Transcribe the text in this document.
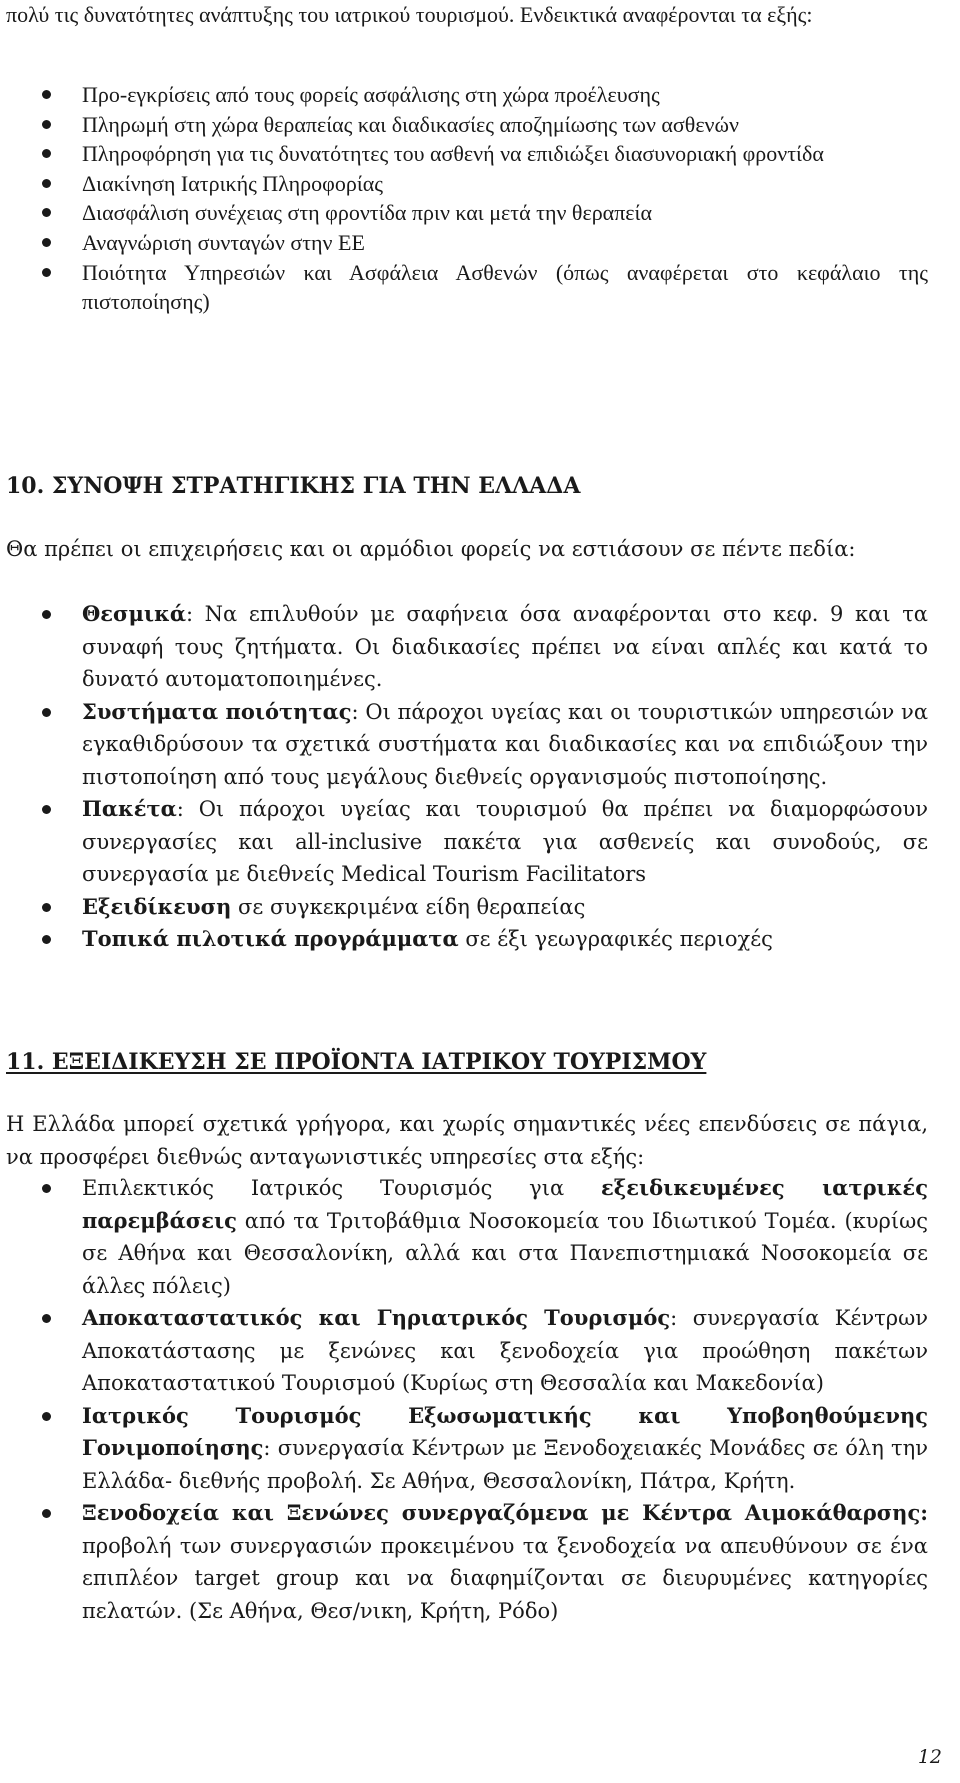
πολύ τις δυνατότητες ανάπτυξης του ιατρικού τουρισμού. Ενδεικτικά αναφέρονται τα εξής:

Προ-εγκρίσεις από τους φορείς ασφάλισης στη χώρα προέλευσης
Πληρωμή στη χώρα θεραπείας και διαδικασίες αποζημίωσης των ασθενών
Πληροφόρηση για τις δυνατότητες του ασθενή να επιδιώξει διασυνοριακή φροντίδα
Διακίνηση Ιατρικής Πληροφορίας
Διασφάλιση συνέχειας στη φροντίδα πριν και μετά την θεραπεία
Αναγνώριση συνταγών στην ΕΕ
Ποιότητα Υπηρεσιών και Ασφάλεια Ασθενών (όπως αναφέρεται στο κεφάλαιο της πιστοποίησης)
10. ΣΥΝΟΨΗ ΣΤΡΑΤΗΓΙΚΗΣ ΓΙΑ ΤΗΝ ΕΛΛΑΔΑ

Θα πρέπει οι επιχειρήσεις και οι αρμόδιοι φορείς να εστιάσουν σε πέντε πεδία:

Θεσμικά: Να επιλυθούν με σαφήνεια όσα αναφέρονται στο κεφ. 9 και τα συναφή τους ζητήματα. Οι διαδικασίες πρέπει να είναι απλές και κατά το δυνατό αυτοματοποιημένες.
Συστήματα ποιότητας: Οι πάροχοι υγείας και οι τουριστικών υπηρεσιών να εγκαθιδρύσουν τα σχετικά συστήματα και διαδικασίες και να επιδιώξουν την πιστοποίηση από τους μεγάλους διεθνείς οργανισμούς πιστοποίησης.
Πακέτα: Οι πάροχοι υγείας και τουρισμού θα πρέπει να διαμορφώσουν συνεργασίες και all-inclusive πακέτα για ασθενείς και συνοδούς, σε συνεργασία με διεθνείς Medical Tourism Facilitators
Εξειδίκευση σε συγκεκριμένα είδη θεραπείας
Τοπικά πιλοτικά προγράμματα σε έξι γεωγραφικές περιοχές
11. ΕΞΕΙΔΙΚΕΥΣΗ ΣΕ ΠΡΟΪΟΝΤΑ ΙΑΤΡΙΚΟΥ ΤΟΥΡΙΣΜΟΥ

Η Ελλάδα μπορεί σχετικά γρήγορα, και χωρίς σημαντικές νέες επενδύσεις σε πάγια, να προσφέρει διεθνώς ανταγωνιστικές υπηρεσίες στα εξής:

Επιλεκτικός Ιατρικός Τουρισμός για εξειδικευμένες ιατρικές παρεμβάσεις από τα Τριτοβάθμια Νοσοκομεία του Ιδιωτικού Τομέα. (κυρίως σε Αθήνα και Θεσσαλονίκη, αλλά και στα Πανεπιστημιακά Νοσοκομεία σε άλλες πόλεις)
Αποκαταστατικός και Γηριατρικός Τουρισμός: συνεργασία Κέντρων Αποκατάστασης με ξενώνες και ξενοδοχεία για προώθηση πακέτων Αποκαταστατικού Τουρισμού (Κυρίως στη Θεσσαλία και Μακεδονία)
Ιατρικός Τουρισμός Εξωσωματικής και Υποβοηθούμενης Γονιμοποίησης: συνεργασία Κέντρων με Ξενοδοχειακές Μονάδες σε όλη την Ελλάδα- διεθνής προβολή. Σε Αθήνα, Θεσσαλονίκη, Πάτρα, Κρήτη.
Ξενοδοχεία και Ξενώνες συνεργαζόμενα με Κέντρα Αιμοκάθαρσης: προβολή των συνεργασιών προκειμένου τα ξενοδοχεία να απευθύνουν σε ένα επιπλέον target group και να διαφημίζονται σε διευρυμένες κατηγορίες πελατών. (Σε Αθήνα, Θεσ/νικη, Κρήτη, Ρόδο)
12
